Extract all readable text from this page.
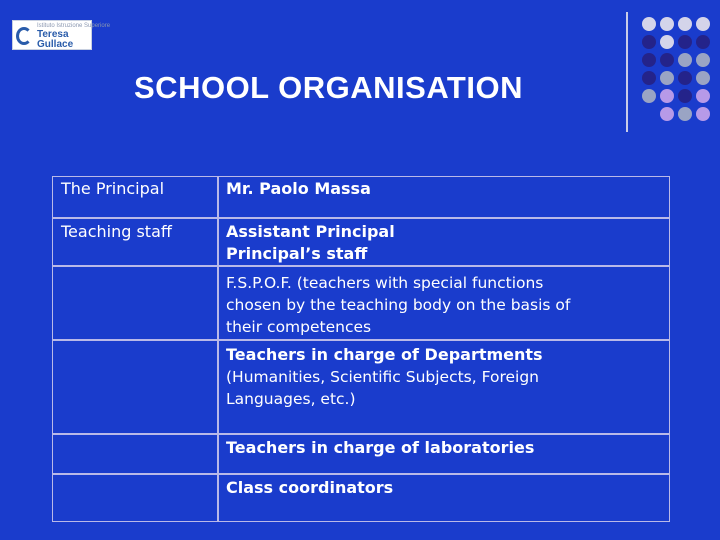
Istituto Istruzione Superiore
Teresa
Gullace
SCHOOL ORGANISATION
The Principal	Mr. Paolo Massa
Teaching staff	Assistant Principal
Principal’s staff
F.S.P.O.F. (teachers with special functions
chosen by the teaching body on the basis of
their competences
Teachers in charge of Departments
(Humanities, Scientific Subjects, Foreign
Languages, etc.)
Teachers in charge of laboratories
Class coordinators
